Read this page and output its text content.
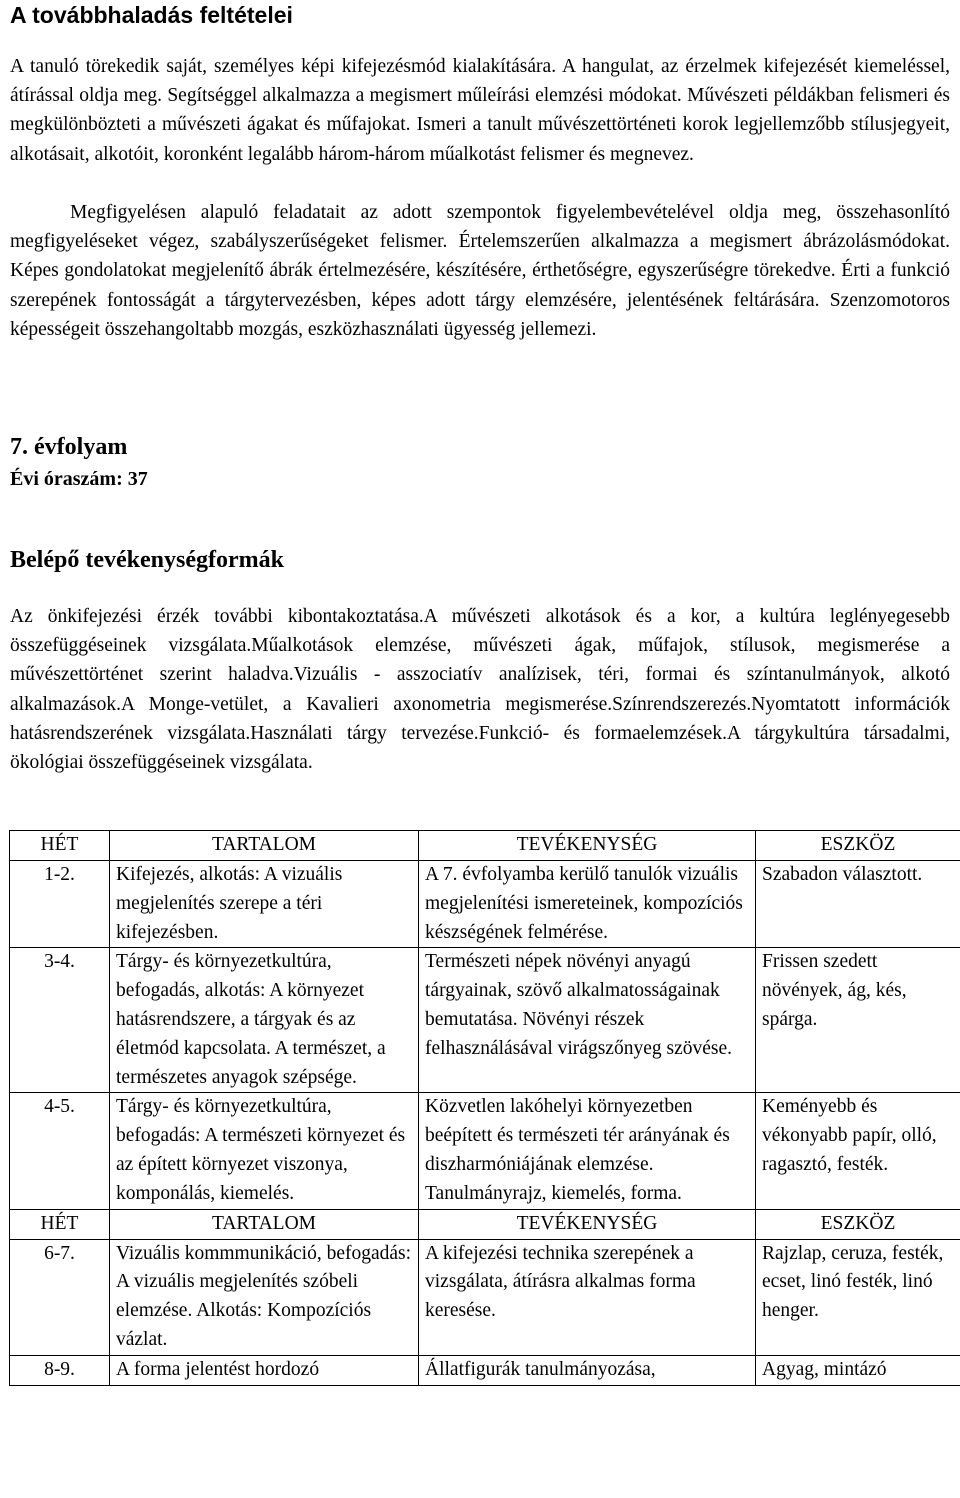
A továbbhaladás feltételei

A tanuló törekedik saját, személyes képi kifejezésmód kialakítására. A hangulat, az érzelmek kifejezését kiemeléssel, átírással oldja meg. Segítséggel alkalmazza a megismert műleírási elemzési módokat. Művészeti példákban felismeri és megkülönbözteti a művészeti ágakat és műfajokat. Ismeri a tanult művészettörténeti korok legjellemzőbb stílusjegyeit, alkotásait, alkotóit, koronként legalább három-három műalkotást felismer és megnevez.

Megfigyelésen alapuló feladatait az adott szempontok figyelembevételével oldja meg, összehasonlító megfigyeléseket végez, szabályszerűségeket felismer. Értelemszerűen alkalmazza a megismert ábrázolásmódokat. Képes gondolatokat megjelenítő ábrák értelmezésére, készítésére, érthetőségre, egyszerűségre törekedve. Érti a funkció szerepének fontosságát a tárgytervezésben, képes adott tárgy elemzésére, jelentésének feltárására. Szenzomotoros képességeit összehangoltabb mozgás, eszközhasználati ügyesség jellemezi.

7. évfolyam
Évi óraszám: 37
Belépő tevékenységformák

Az önkifejezési érzék további kibontakoztatása.A művészeti alkotások és a kor, a kultúra leglényegesebb összefüggéseinek vizsgálata.Műalkotások elemzése, művészeti ágak, műfajok, stílusok, megismerése a művészettörténet szerint haladva.Vizuális - asszociatív analízisek, téri, formai és színtanulmányok, alkotó alkalmazások.A Monge-vetület, a Kavalieri axonometria megismerése.Színrendszerezés.Nyomtatott információk hatásrendszerének vizsgálata.Használati tárgy tervezése.Funkció- és formaelemzések.A tárgykultúra társadalmi, ökológiai összefüggéseinek vizsgálata.

HÉT	TARTALOM	TEVÉKENYSÉG	ESZKÖZ
1-2.	Kifejezés, alkotás: A vizuális megjelenítés szerepe a téri kifejezésben.	A 7. évfolyamba kerülő tanulók vizuális megjelenítési ismereteinek, kompozíciós készségének felmérése.	Szabadon választott.
3-4.	Tárgy- és környezetkultúra, befogadás, alkotás: A környezet hatásrendszere, a tárgyak és az életmód kapcsolata. A természet, a természetes anyagok szépsége.	Természeti népek növényi anyagú tárgyainak, szövő alkalmatosságainak bemutatása. Növényi részek felhasználásával virágszőnyeg szövése.	Frissen szedett növények, ág, kés, spárga.
4-5.	Tárgy- és környezetkultúra, befogadás: A természeti környezet és az épített környezet viszonya, komponálás, kiemelés.	Közvetlen lakóhelyi környezetben beépített és természeti tér arányának és diszharmóniájának elemzése. Tanulmányrajz, kiemelés, forma.	Keményebb és vékonyabb papír, olló, ragasztó, festék.
HÉT	TARTALOM	TEVÉKENYSÉG	ESZKÖZ
6-7.	Vizuális kommmunikáció, befogadás: A vizuális megjelenítés szóbeli elemzése. Alkotás: Kompozíciós vázlat.	A kifejezési technika szerepének a vizsgálata, átírásra alkalmas forma keresése.	Rajzlap, ceruza, festék, ecset, linó festék, linó henger.
8-9.	A forma jelentést hordozó	Állatfigurák tanulmányozása,	Agyag, mintázó
